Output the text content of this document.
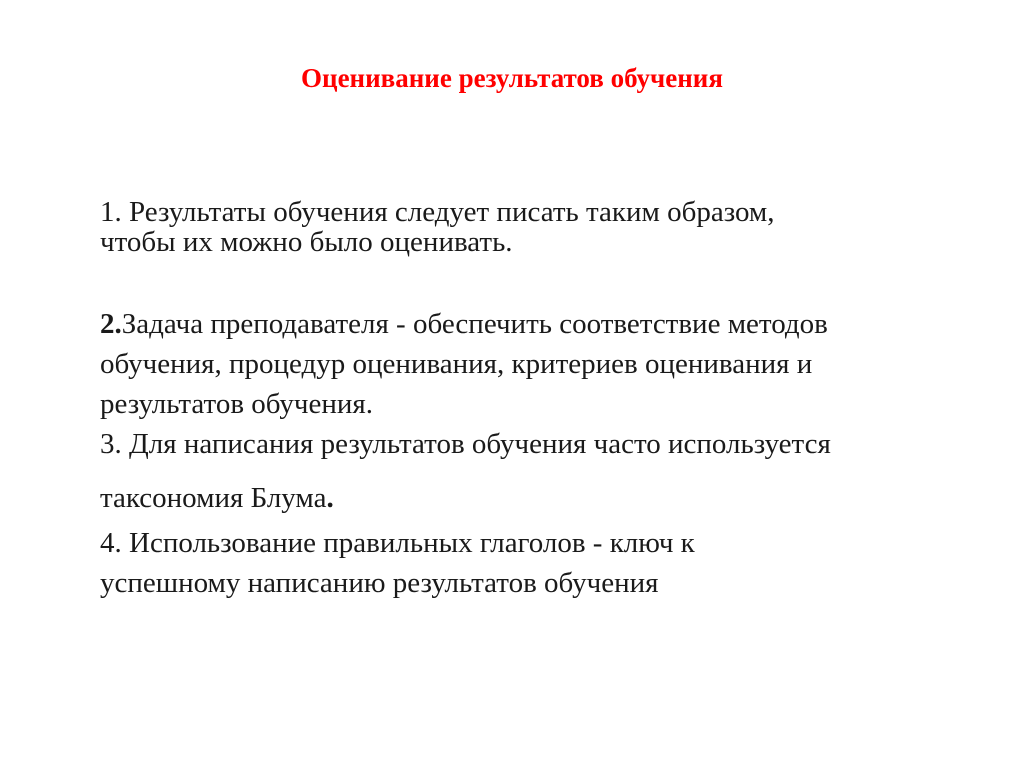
Оценивание результатов обучения
1. Результаты обучения следует писать таким образом,
чтобы их можно было оценивать.
2.Задача преподавателя - обеспечить соответствие методов
обучения, процедур оценивания, критериев оценивания и
результатов обучения.
3. Для написания результатов обучения часто используется
таксономия Блума.
4. Использование правильных глаголов - ключ к
успешному написанию результатов обучения
